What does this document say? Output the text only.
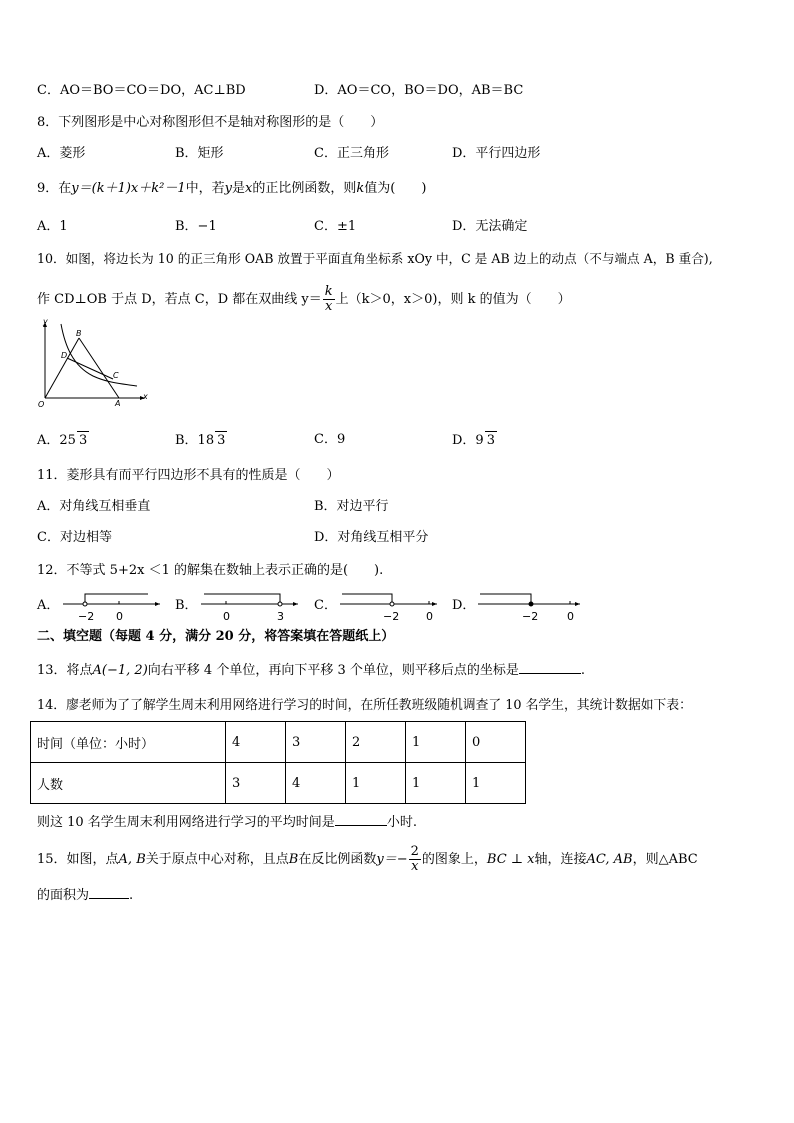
C．AO＝BO＝CO＝DO，AC⊥BD	D．AO＝CO，BO＝DO，AB＝BC
8．下列图形是中心对称图形但不是轴对称图形的是（　　）
A．菱形	B．矩形	C．正三角形	D．平行四边形
9．在y＝(k＋1)x＋k²－1中，若y是x的正比例函数，则k值为(　　)
A．1	B．−1	C．±1	D．无法确定
10．如图，将边长为 10 的正三角形 OAB 放置于平面直角坐标系 xOy 中，C 是 AB 边上的动点（不与端点 A，B 重合),
作 CD⊥OB 于点 D，若点 C，D 都在双曲线 $y= \frac{k}{x}$ 上（k＞0，x＞0)，则 k 的值为（　　）
y
x
O	A
B
C
D
A．25 3	B．18 3	C．9	D．9 3
11．菱形具有而平行四边形不具有的性质是（　　）
A．对角线互相垂直	B．对边平行
C．对边相等	D．对角线互相平分
12．不等式 5+2x ＜1 的解集在数轴上表示正确的是(　　).
A．
−2 0
B．
0	3
C．
−2 0
D．
−2	0
二、填空题（每题 4 分，满分 20 分，将答案填在答题纸上）
13．将点A(−1, 2)向右平移 4 个单位，再向下平移 3 个单位，则平移后点的坐标是	.
14．廖老师为了了解学生周末利用网络进行学习的时间，在所任教班级随机调查了 10 名学生，其统计数据如下表：
时间（单位：小时）	4	3	2	1	0
人数	3	4	1	1	1
则这 10 名学生周末利用网络进行学习的平均时间是	小时.
15．如图，点A, B关于原点中心对称，且点B在反比例函数$y=- \frac{2}{x}$ 的图象上，BC ⊥ x轴，连接AC, AB，则△ABC
的面积为	.
